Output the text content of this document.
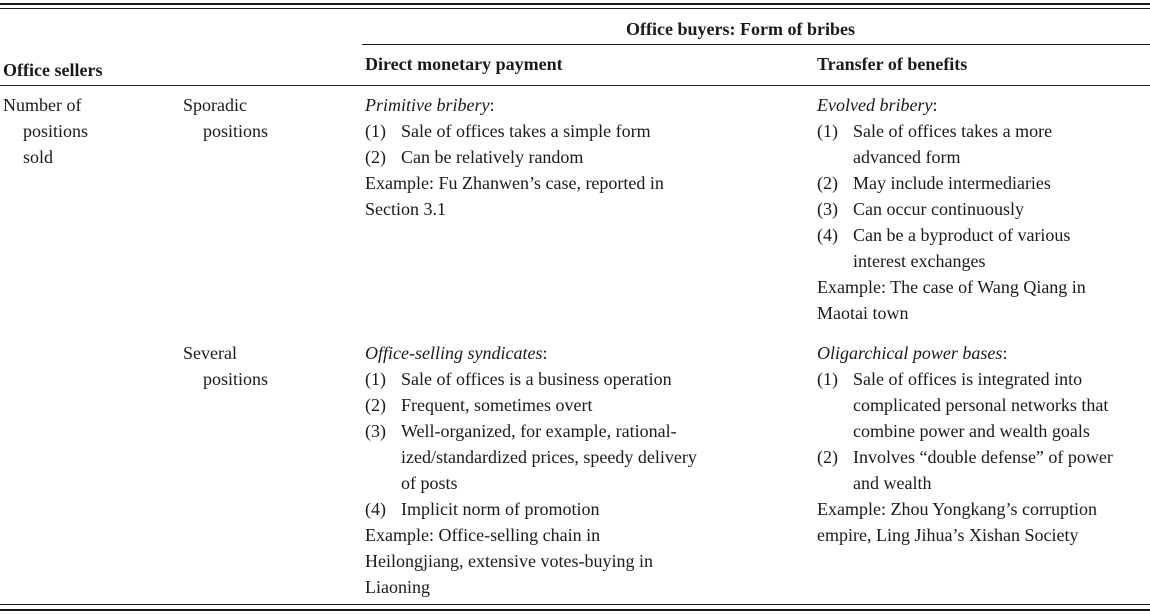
Office buyers: Form of bribes
Office sellers	Direct monetary payment	Transfer of benefits
Number of
positions
sold
Sporadic
positions
Primitive bribery:
(1) Sale of offices takes a simple form
(2) Can be relatively random
Example: Fu Zhanwen’s case, reported in
Section 3.1
Evolved bribery:
(1) Sale of offices takes a more
advanced form
(2) May include intermediaries
(3) Can occur continuously
(4) Can be a byproduct of various
interest exchanges
Example: The case of Wang Qiang in
Maotai town
Several
positions
Office-selling syndicates:
(1) Sale of offices is a business operation
(2) Frequent, sometimes overt
(3) Well-organized, for example, rational-
ized/standardized prices, speedy delivery
of posts
(4) Implicit norm of promotion
Example: Office-selling chain in
Heilongjiang, extensive votes-buying in
Liaoning
Oligarchical power bases:
(1) Sale of offices is integrated into
complicated personal networks that
combine power and wealth goals
(2) Involves “double defense” of power
and wealth
Example: Zhou Yongkang’s corruption
empire, Ling Jihua’s Xishan Society
